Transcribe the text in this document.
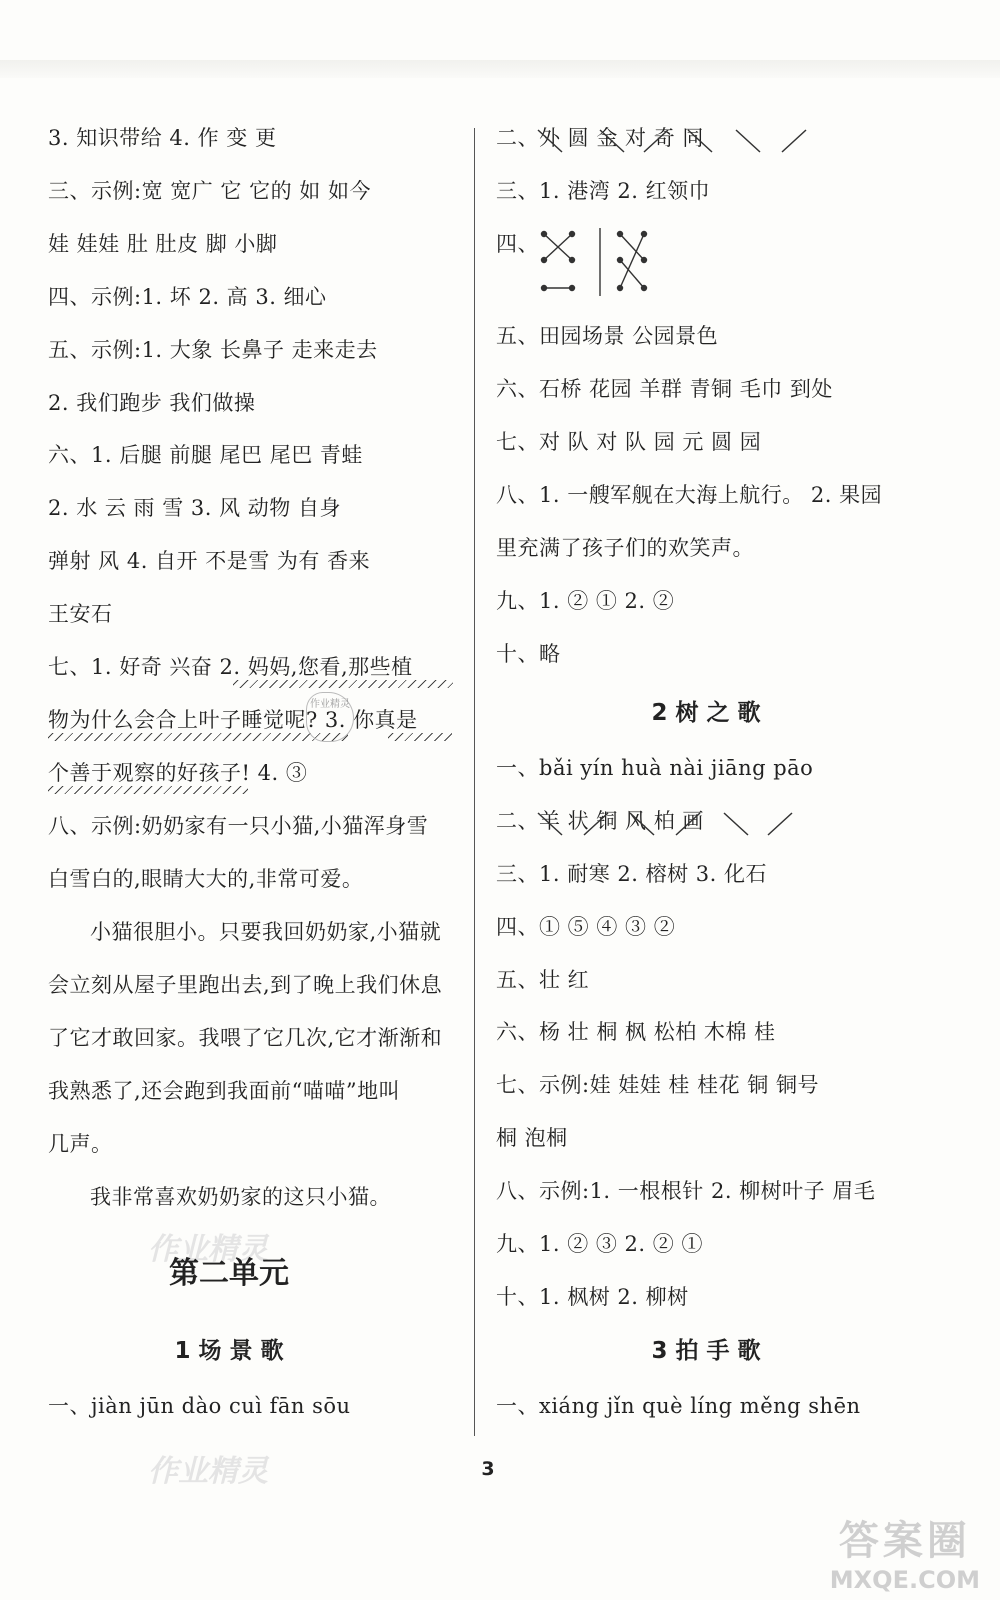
3. 知识带给 4. 作 变 更
三、示例:宽 宽广 它 它的 如 如今
娃 娃娃 肚 肚皮 脚 小脚
四、示例:1. 坏 2. 高 3. 细心
五、示例:1. 大象 长鼻子 走来走去
2. 我们跑步 我们做操
六、1. 后腿 前腿 尾巴 尾巴 青蛙
2. 水 云 雨 雪 3. 风 动物 自身
弹射 风 4. 自开 不是雪 为有 香来
王安石
七、1. 好奇 兴奋 2. 妈妈,您看,那些植
物为什么会合上叶子睡觉呢? 3. 你真是
个善于观察的好孩子! 4. ③
八、示例:奶奶家有一只小猫,小猫浑身雪
白雪白的,眼睛大大的,非常可爱。
小猫很胆小。只要我回奶奶家,小猫就
会立刻从屋子里跑出去,到了晚上我们休息
了它才敢回家。我喂了它几次,它才渐渐和
我熟悉了,还会跑到我面前“喵喵”地叫
几声。
我非常喜欢奶奶家的这只小猫。
作业精灵
作业精灵
第二单元
1 场 景 歌
一、jiàn jūn dào cuì fān sōu
作业精灵
二、外 圆 金 对 奇 同
三、1. 港湾 2. 红领巾
四、
五、田园场景 公园景色
六、石桥 花园 羊群 青铜 毛巾 到处
七、对 队 对 队 园 元 圆 园
八、1. 一艘军舰在大海上航行。 2. 果园
里充满了孩子们的欢笑声。
九、1. ② ① 2. ②
十、略
2 树 之 歌
一、bǎi yín huà nài jiāng pāo
二、羊 状 铜 风 柏 画
三、1. 耐寒 2. 榕树 3. 化石
四、① ⑤ ④ ③ ②
五、壮 红
六、杨 壮 桐 枫 松柏 木棉 桂
七、示例:娃 娃娃 桂 桂花 铜 铜号
桐 泡桐
八、示例:1. 一根根针 2. 柳树叶子 眉毛
九、1. ② ③ 2. ② ①
十、1. 枫树 2. 柳树
3 拍 手 歌
一、xiáng jǐn què líng měng shēn
3
答案圈
MXQE.COM
